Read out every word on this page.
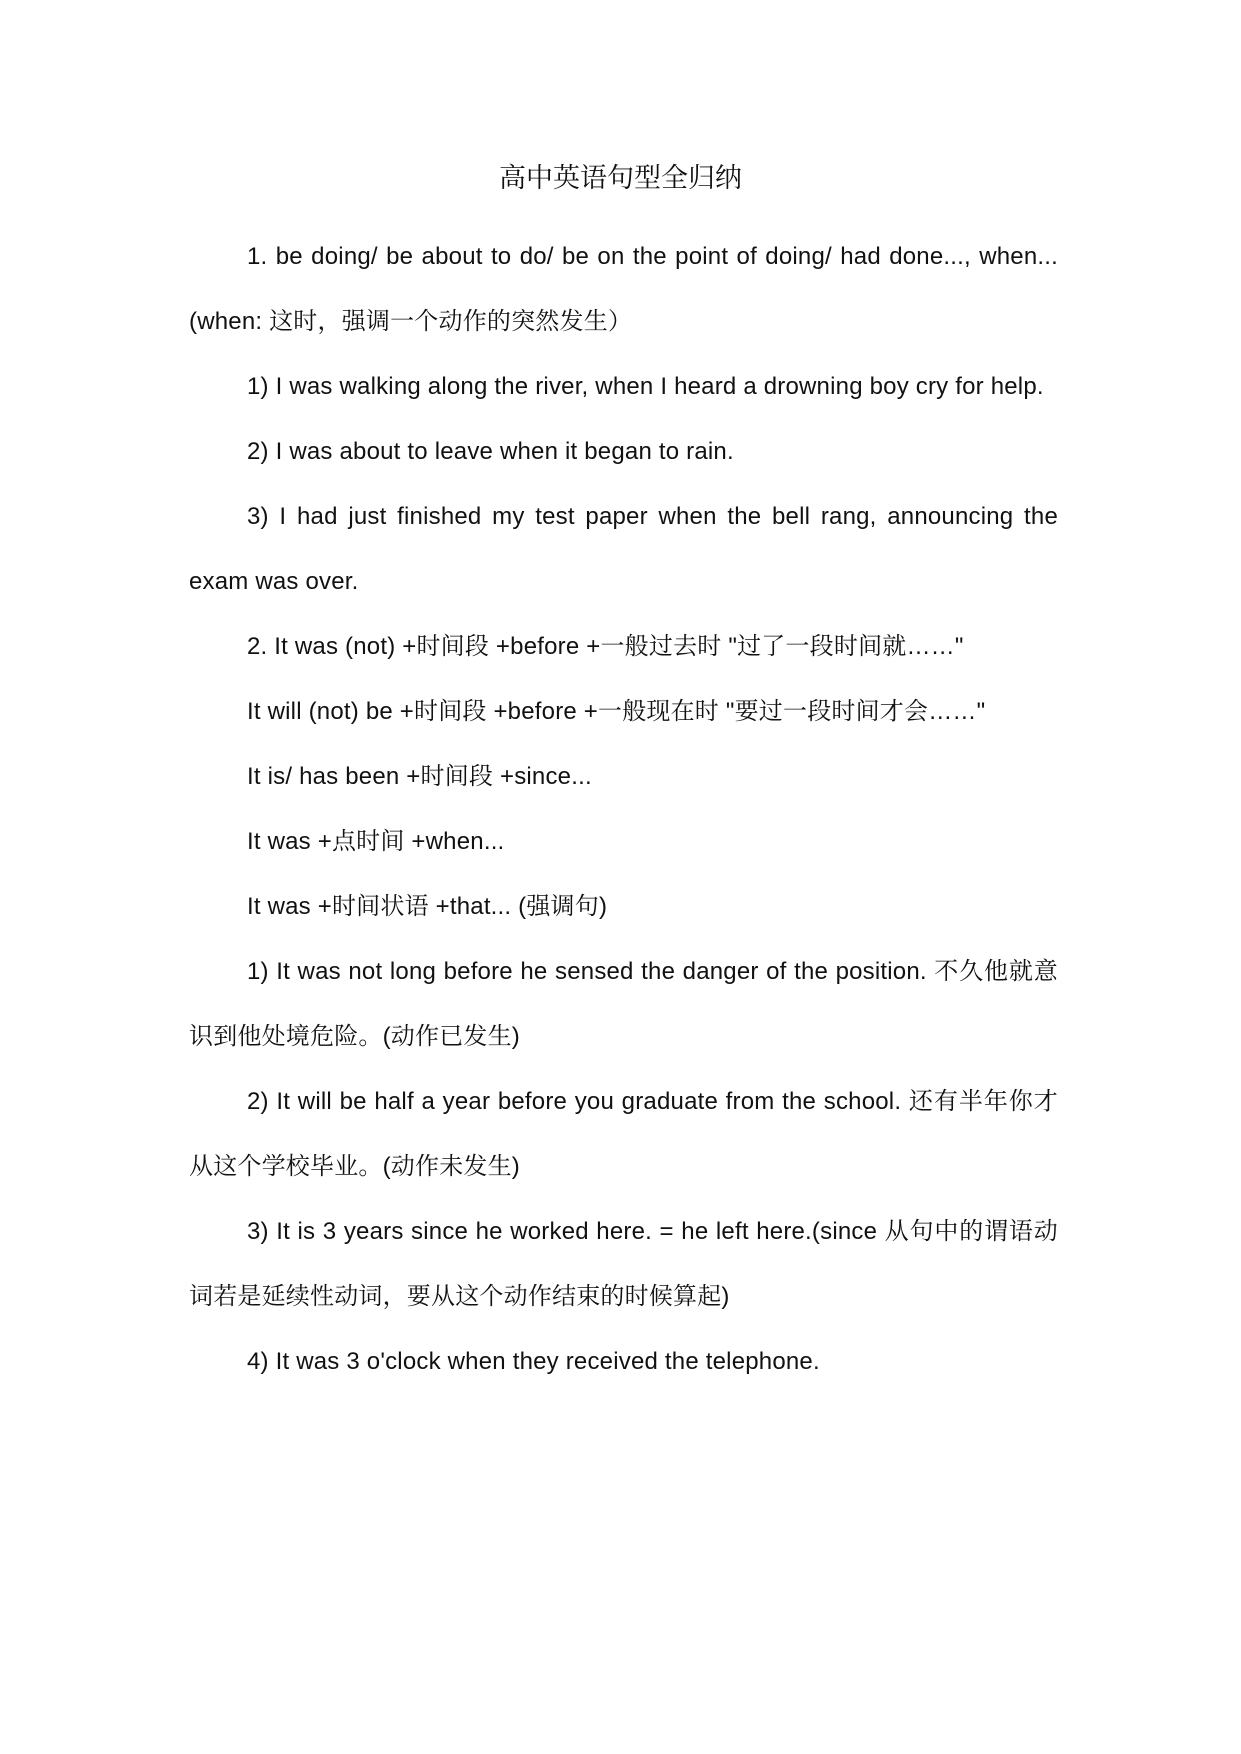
高中英语句型全归纳

1. be doing/ be about to do/ be on the point of doing/ had done..., when... (when: 这时，强调一个动作的突然发生）

1) I was walking along the river, when I heard a drowning boy cry for help.

2) I was about to leave when it began to rain.

3) I had just finished my test paper when the bell rang, announcing the exam was over.

2. It was (not) +时间段 +before +一般过去时 "过了一段时间就……"

It will (not) be +时间段 +before +一般现在时 "要过一段时间才会……"

It is/ has been +时间段 +since...

It was +点时间 +when...

It was +时间状语 +that... (强调句)

1) It was not long before he sensed the danger of the position. 不久他就意识到他处境危险。(动作已发生)

2) It will be half a year before you graduate from the school. 还有半年你才从这个学校毕业。(动作未发生)

3) It is 3 years since he worked here. = he left here.(since 从句中的谓语动词若是延续性动词，要从这个动作结束的时候算起)

4) It was 3 o'clock when they received the telephone.
